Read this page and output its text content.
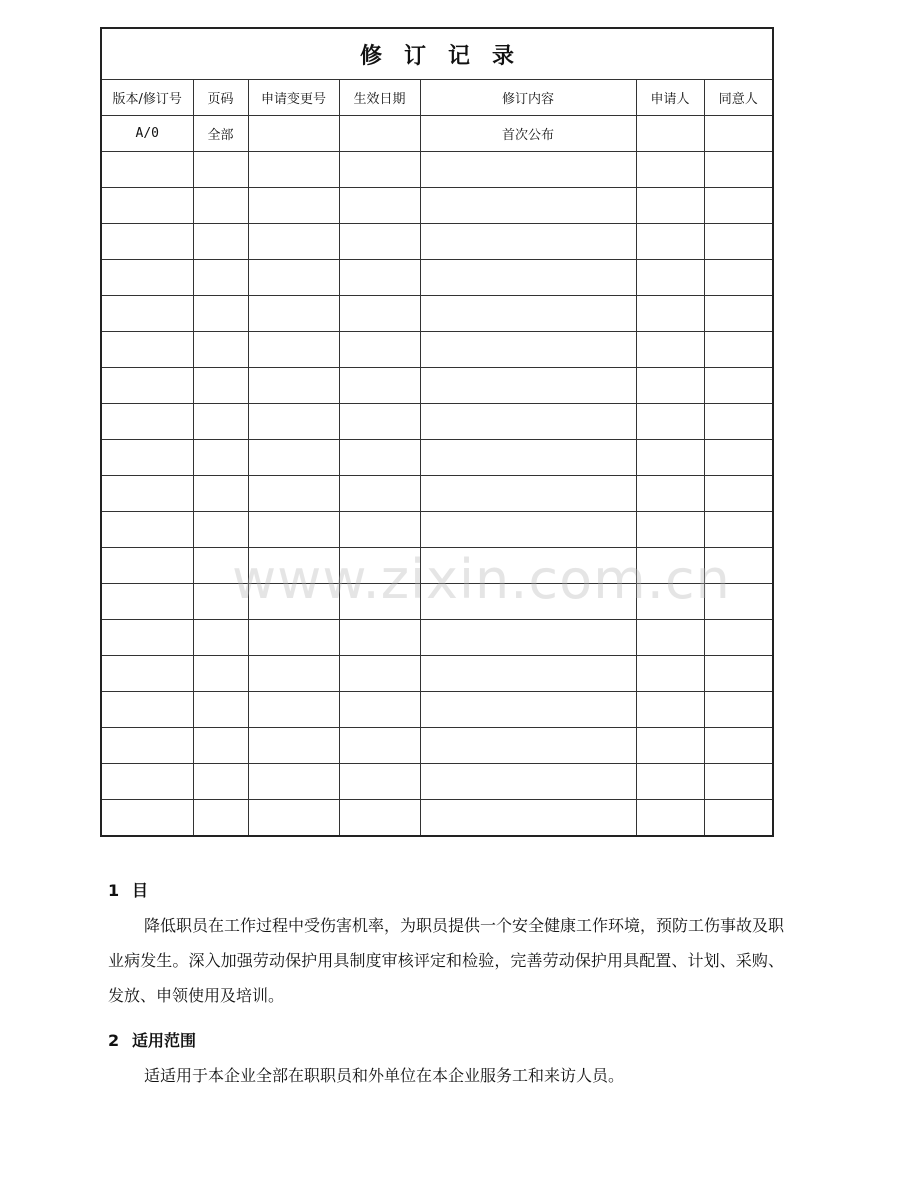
修订记录						
版本/修订号	页码	申请变更号	生效日期	修订内容	申请人	同意人
A/0	全部			首次公布		

www.zixin.com.cn
1 目
降低职员在工作过程中受伤害机率，为职员提供一个安全健康工作环境，预防工伤事故及职业病发生。深入加强劳动保护用具制度审核评定和检验，完善劳动保护用具配置、计划、采购、发放、申领使用及培训。
2 适用范围
适适用于本企业全部在职职员和外单位在本企业服务工和来访人员。
